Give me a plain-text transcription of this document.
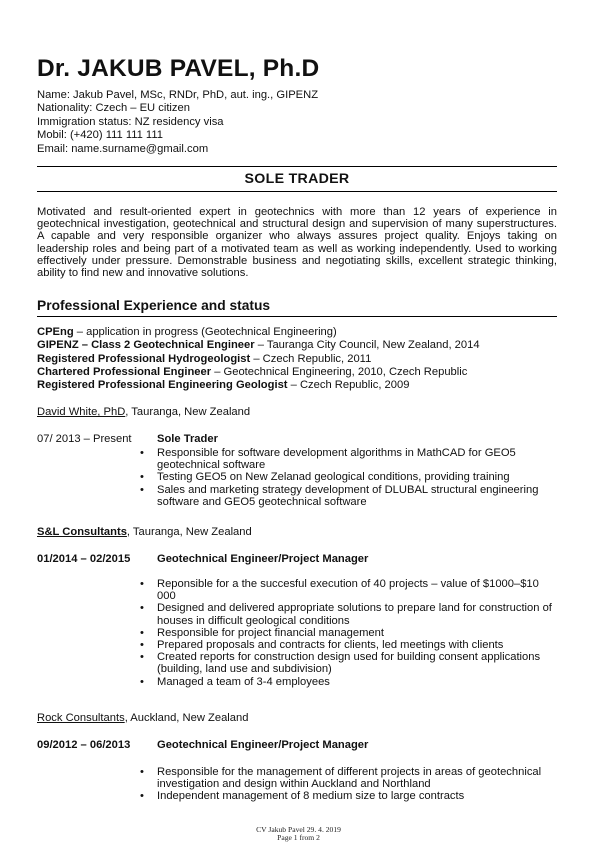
Dr. JAKUB PAVEL, Ph.D
Name: Jakub Pavel, MSc, RNDr, PhD, aut. ing., GIPENZ
Nationality: Czech – EU citizen
Immigration status: NZ residency visa
Mobil: (+420) 111 111 111
Email: name.surname@gmail.com
SOLE TRADER
Motivated and result-oriented expert in geotechnics with more than 12 years of experience in geotechnical investigation, geotechnical and structural design and supervision of many superstructures. A capable and very responsible organizer who always assures project quality. Enjoys taking on leadership roles and being part of a motivated team as well as working independently. Used to working effectively under pressure. Demonstrable business and negotiating skills, excellent strategic thinking, ability to find new and innovative solutions.
Professional Experience and status
CPEng – application in progress (Geotechnical Engineering)
GIPENZ – Class 2 Geotechnical Engineer – Tauranga City Council, New Zealand, 2014
Registered Professional Hydrogeologist – Czech Republic, 2011
Chartered Professional Engineer – Geotechnical Engineering, 2010, Czech Republic
Registered Professional Engineering Geologist – Czech Republic, 2009
David White, PhD, Tauranga, New Zealand
07/ 2013 – Present Sole Trader
• Responsible for software development algorithms in MathCAD for GEO5 geotechnical software
• Testing GEO5 on New Zelanad geological conditions, providing training
• Sales and marketing strategy development of DLUBAL structural engineering software and GEO5 geotechnical software
S&L Consultants, Tauranga, New Zealand
01/2014 – 02/2015 Geotechnical Engineer/Project Manager
• Reponsible for a the succesful execution of 40 projects – value of $1000–$10 000
• Designed and delivered appropriate solutions to prepare land for construction of houses in difficult geological conditions
• Responsible for project financial management
• Prepared proposals and contracts for clients, led meetings with clients
• Created reports for construction design used for building consent applications (building, land use and subdivision)
• Managed a team of 3-4 employees
Rock Consultants, Auckland, New Zealand
09/2012 – 06/2013 Geotechnical Engineer/Project Manager
• Responsible for the management of different projects in areas of geotechnical investigation and design within Auckland and Northland
• Independent management of 8 medium size to large contracts
CV Jakub Pavel 29. 4. 2019
Page 1 from 2
